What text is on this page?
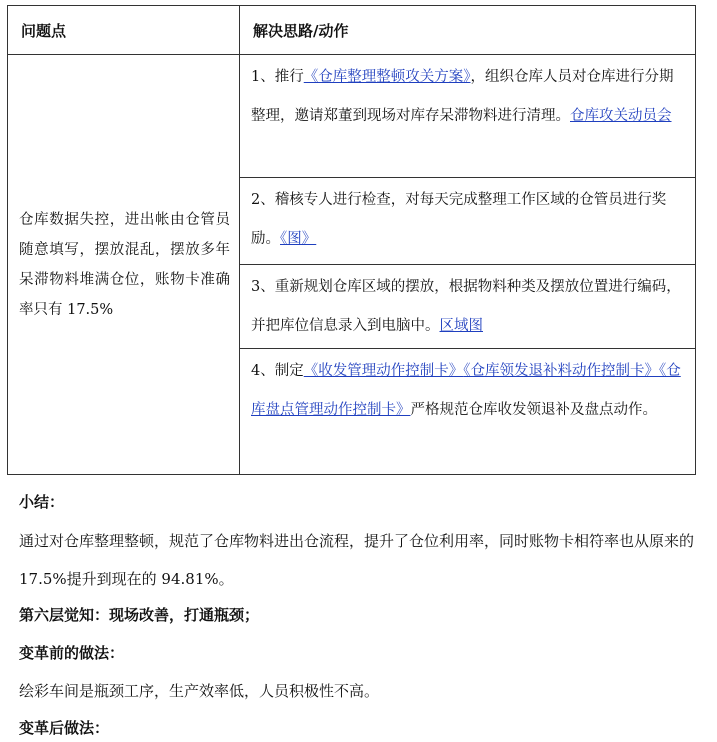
问题点	解决思路/动作
仓库数据失控，进出帐由仓管员随意填写，摆放混乱，摆放多年呆滞物料堆满仓位，账物卡准确率只有 17.5%	1、推行《仓库整理整顿攻关方案》，组织仓库人员对仓库进行分期整理，邀请郑董到现场对库存呆滞物料进行清理。仓库攻关动员会
	2、稽核专人进行检查，对每天完成整理工作区域的仓管员进行奖励。《图》
	3、重新规划仓库区域的摆放，根据物料种类及摆放位置进行编码，并把库位信息录入到电脑中。区域图
	4、制定《收发管理动作控制卡》《仓库领发退补料动作控制卡》《仓库盘点管理动作控制卡》严格规范仓库收发领退补及盘点动作。
小结：
通过对仓库整理整顿，规范了仓库物料进出仓流程，提升了仓位利用率，同时账物卡相符率也从原来的 17.5%提升到现在的 94.81%。
第六层觉知：现场改善，打通瓶颈；
变革前的做法：
绘彩车间是瓶颈工序，生产效率低，人员积极性不高。
变革后做法：
